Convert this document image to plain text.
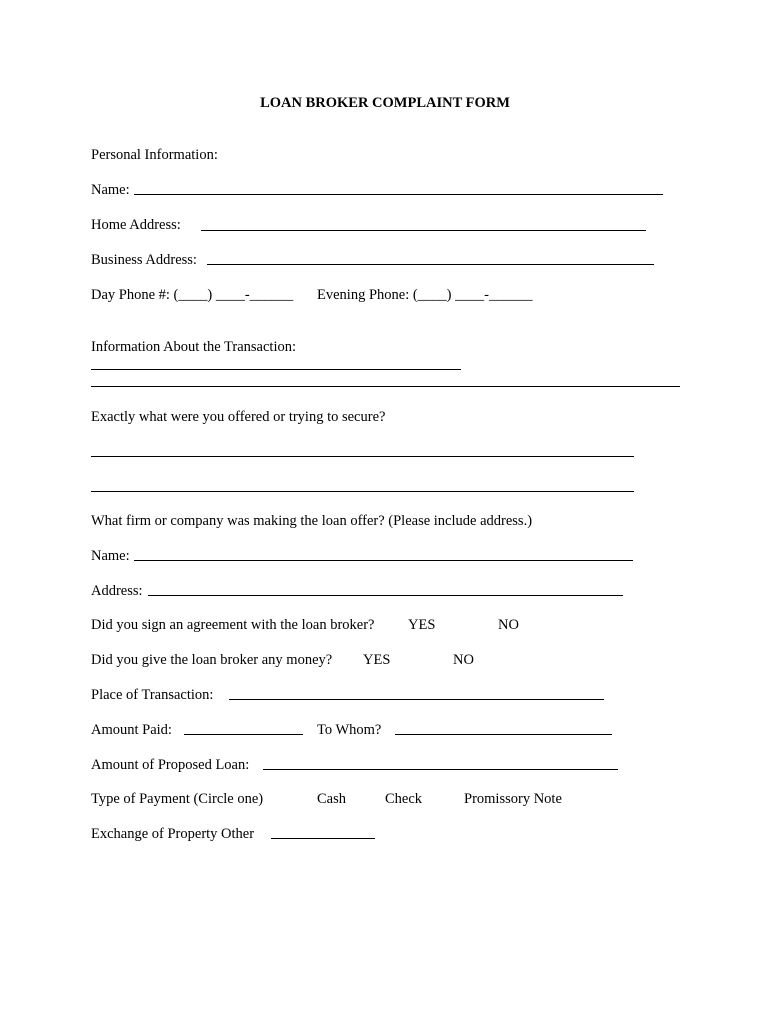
LOAN BROKER COMPLAINT FORM
Personal Information:
Name:
Home Address:
Business Address:
Day Phone #: (____) ____-______ Evening Phone: (____) ____-______
Information About the Transaction:
Exactly what were you offered or trying to secure?
What firm or company was making the loan offer? (Please include address.)
Name:
Address:
Did you sign an agreement with the loan broker? YES	NO
Did you give the loan broker any money? YES	NO
Place of Transaction:
Amount Paid:	To Whom?
Amount of Proposed Loan:
Type of Payment (Circle one)	Cash	Check	Promissory Note
Exchange of Property Other
